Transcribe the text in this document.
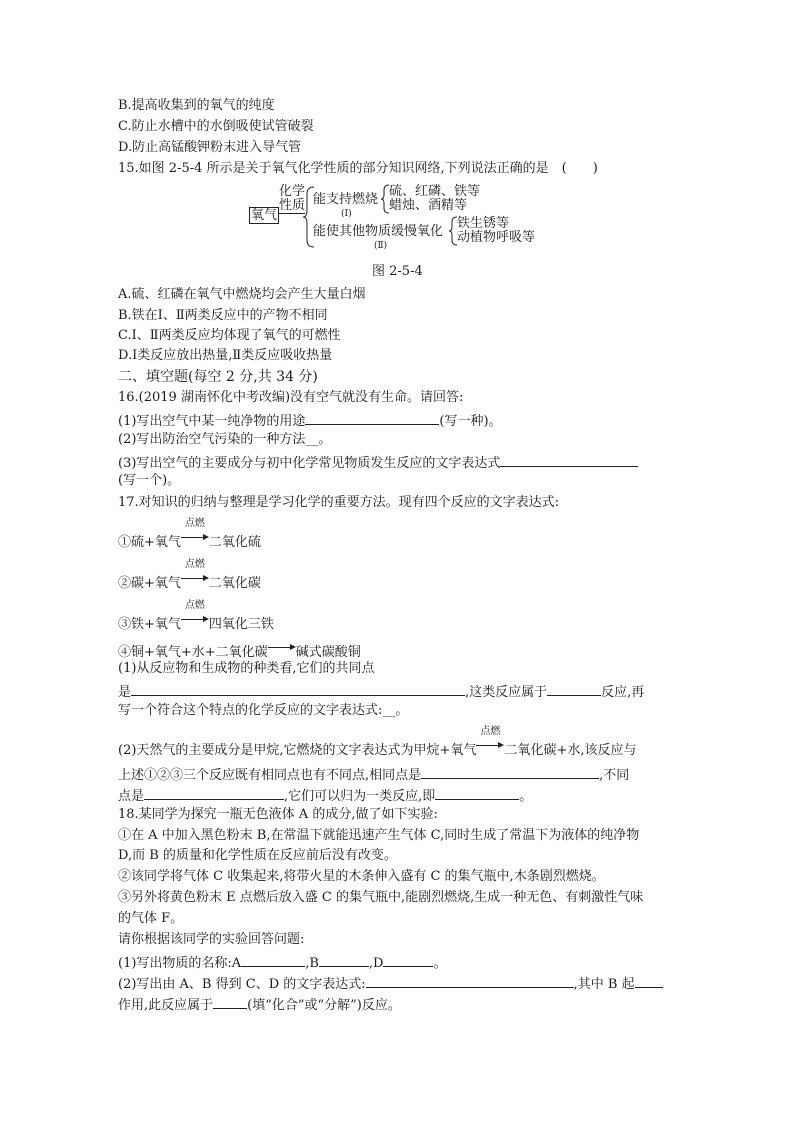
B.提高收集到的氧气的纯度
C.防止水槽中的水倒吸使试管破裂
D.防止高锰酸钾粉末进入导气管
15.如图 2-5-4 所示是关于氧气化学性质的部分知识网络,下列说法正确的是　(　　)
氧气
化学
性质 能支持燃烧
(Ⅰ)
硫、红磷、铁等
蜡烛、酒精等
能使其他物质缓慢氧化
(Ⅱ)
铁生锈等
动植物呼吸等
图 2-5-4
A.硫、红磷在氧气中燃烧均会产生大量白烟
B.铁在Ⅰ、Ⅱ两类反应中的产物不相同
C.Ⅰ、Ⅱ两类反应均体现了氧气的可燃性
D.Ⅰ类反应放出热量,Ⅱ类反应吸收热量
二、填空题(每空 2 分,共 34 分)
16.(2019 湖南怀化中考改编)没有空气就没有生命。请回答:
(1)写出空气中某一纯净物的用途	(写一种)。
(2)写出防治空气污染的一种方法__。
(3)写出空气的主要成分与初中化学常见物质发生反应的文字表达式
(写一个)。
17.对知识的归纳与整理是学习化学的重要方法。现有四个反应的文字表达式:
①硫+氧气
点燃
二氧化硫
②碳+氧气
点燃
二氧化碳
③铁+氧气
点燃
四氧化三铁
④铜+氧气+水+二氧化碳 碱式碳酸铜
(1)从反应物和生成物的种类看,它们的共同点
是	,这类反应属于	反应,再
写一个符合这个特点的化学反应的文字表达式:__。
(2)天然气的主要成分是甲烷,它燃烧的文字表达式为甲烷+氧气
点燃
二氧化碳+水,该反应与
上述①②③三个反应既有相同点也有不同点,相同点是	,不同
点是	,它们可以归为一类反应,即	。
18.某同学为探究一瓶无色液体 A 的成分,做了如下实验:
①在 A 中加入黑色粉末 B,在常温下就能迅速产生气体 C,同时生成了常温下为液体的纯净物
D,而 B 的质量和化学性质在反应前后没有改变。
②该同学将气体 C 收集起来,将带火星的木条伸入盛有 C 的集气瓶中,木条剧烈燃烧。
③另外将黄色粉末 E 点燃后放入盛 C 的集气瓶中,能剧烈燃烧,生成一种无色、有刺激性气味
的气体 F。
请你根据该同学的实验回答问题:
(1)写出物质的名称:A	,B	,D	。
(2)写出由 A、B 得到 C、D 的文字表达式:	,其中 B 起
作用,此反应属于	(填“化合”或“分解”)反应。
